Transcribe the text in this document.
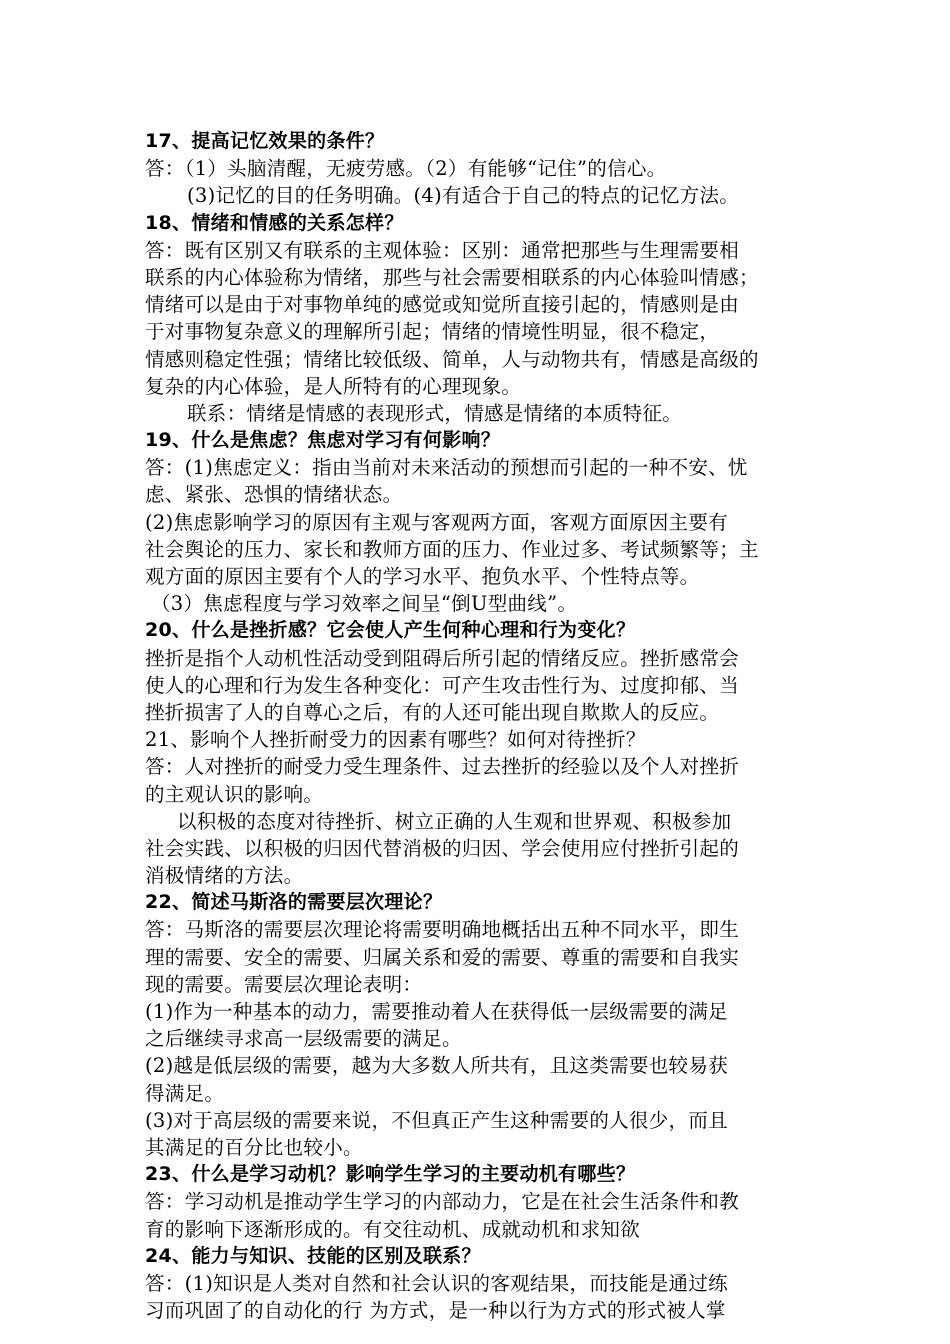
17、提高记忆效果的条件？
答：（1）头脑清醒，无疲劳感。（2）有能够“记住”的信心。
(3)记忆的目的任务明确。(4)有适合于自己的特点的记忆方法。
18、情绪和情感的关系怎样？
答：既有区别又有联系的主观体验：区别：通常把那些与生理需要相
联系的内心体验称为情绪，那些与社会需要相联系的内心体验叫情感；
情绪可以是由于对事物单纯的感觉或知觉所直接引起的，情感则是由
于对事物复杂意义的理解所引起；情绪的情境性明显，很不稳定，
情感则稳定性强；情绪比较低级、简单，人与动物共有，情感是高级的
复杂的内心体验，是人所特有的心理现象。
联系：情绪是情感的表现形式，情感是情绪的本质特征。
19、什么是焦虑？焦虑对学习有何影响？
答：(1)焦虑定义：指由当前对未来活动的预想而引起的一种不安、忧
虑、紧张、恐惧的情绪状态。
(2)焦虑影响学习的原因有主观与客观两方面，客观方面原因主要有
社会舆论的压力、家长和教师方面的压力、作业过多、考试频繁等；主
观方面的原因主要有个人的学习水平、抱负水平、个性特点等。
（3）焦虑程度与学习效率之间呈“倒U型曲线”。
20、什么是挫折感？它会使人产生何种心理和行为变化？
挫折是指个人动机性活动受到阻碍后所引起的情绪反应。挫折感常会
使人的心理和行为发生各种变化：可产生攻击性行为、过度抑郁、当
挫折损害了人的自尊心之后，有的人还可能出现自欺欺人的反应。
21、影响个人挫折耐受力的因素有哪些？如何对待挫折？
答：人对挫折的耐受力受生理条件、过去挫折的经验以及个人对挫折
的主观认识的影响。
以积极的态度对待挫折、树立正确的人生观和世界观、积极参加
社会实践、以积极的归因代替消极的归因、学会使用应付挫折引起的
消极情绪的方法。
22、简述马斯洛的需要层次理论？
答：马斯洛的需要层次理论将需要明确地概括出五种不同水平，即生
理的需要、安全的需要、归属关系和爱的需要、尊重的需要和自我实
现的需要。需要层次理论表明：
(1)作为一种基本的动力，需要推动着人在获得低一层级需要的满足
之后继续寻求高一层级需要的满足。
(2)越是低层级的需要，越为大多数人所共有，且这类需要也较易获
得满足。
(3)对于高层级的需要来说，不但真正产生这种需要的人很少，而且
其满足的百分比也较小。
23、什么是学习动机？影响学生学习的主要动机有哪些？
答：学习动机是推动学生学习的内部动力，它是在社会生活条件和教
育的影响下逐渐形成的。有交往动机、成就动机和求知欲
24、能力与知识、技能的区别及联系？
答：(1)知识是人类对自然和社会认识的客观结果，而技能是通过练
习而巩固了的自动化的行 为方式，是一种以行为方式的形式被人掌
